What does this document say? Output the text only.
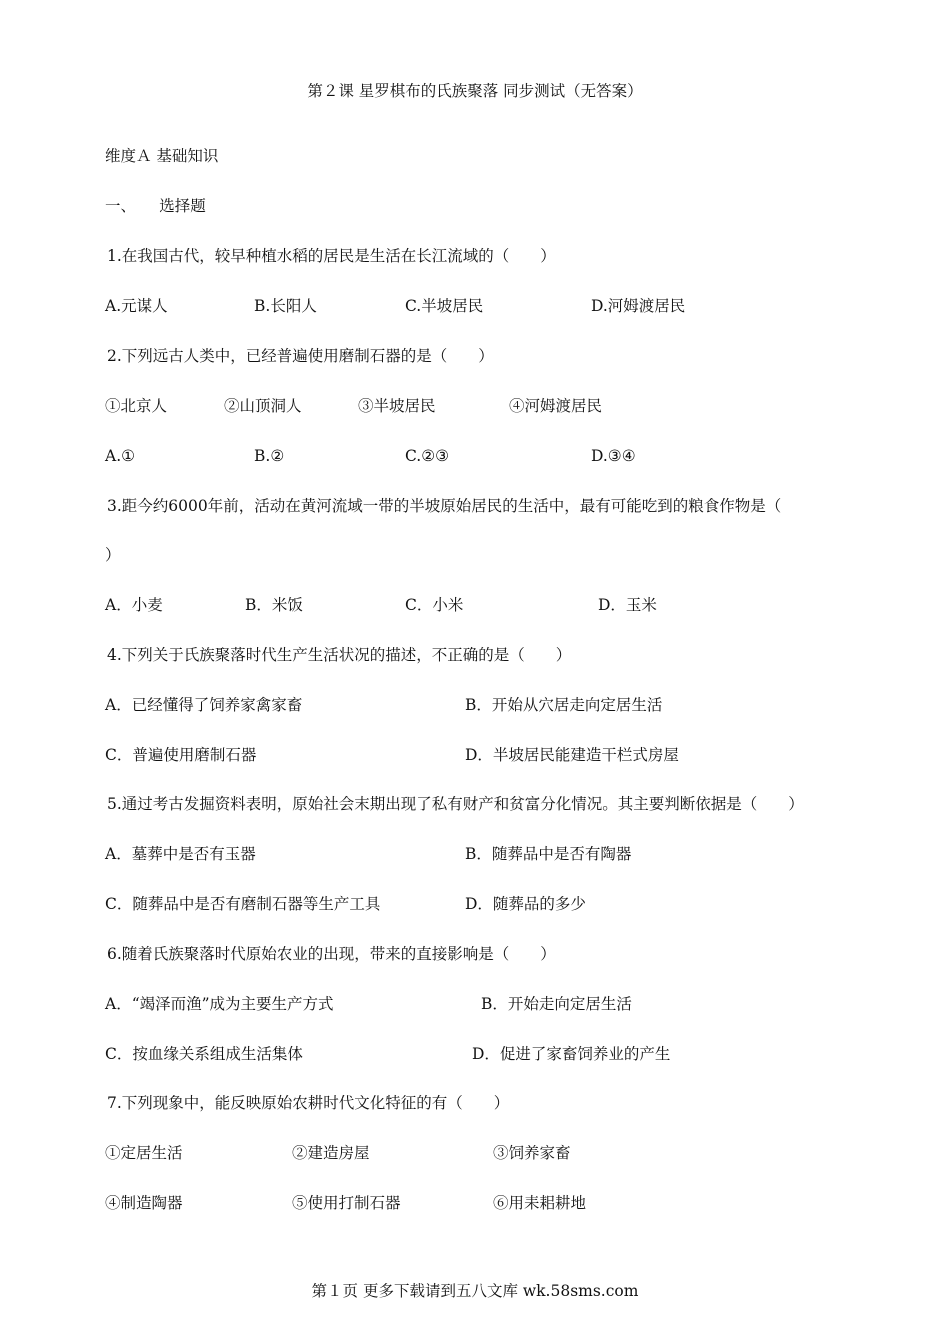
第２课 星罗棋布的氏族聚落 同步测试（无答案）
维度Ａ 基础知识
一、　　选择题
1.在我国古代，较早种植水稻的居民是生活在长江流域的（　　）
A.元谋人	B.长阳人	C.半坡居民	D.河姆渡居民
2.下列远古人类中，已经普遍使用磨制石器的是（　　）
①北京人	②山顶洞人	③半坡居民	④河姆渡居民
A.①	B.②	C.②③	D.③④
3.距今约6000年前，活动在黄河流域一带的半坡原始居民的生活中，最有可能吃到的粮食作物是（
）
A．小麦	B．米饭	C．小米	D．玉米
4.下列关于氏族聚落时代生产生活状况的描述，不正确的是（　　）
A．已经懂得了饲养家禽家畜	B．开始从穴居走向定居生活
C．普遍使用磨制石器	D．半坡居民能建造干栏式房屋
5.通过考古发掘资料表明，原始社会末期出现了私有财产和贫富分化情况。其主要判断依据是（　　）
A．墓葬中是否有玉器	B．随葬品中是否有陶器
C．随葬品中是否有磨制石器等生产工具	D．随葬品的多少
6.随着氏族聚落时代原始农业的出现，带来的直接影响是（　　）
A．“竭泽而渔”成为主要生产方式	B．开始走向定居生活
C．按血缘关系组成生活集体	D．促进了家畜饲养业的产生
7.下列现象中，能反映原始农耕时代文化特征的有（　　）
①定居生活	②建造房屋	③饲养家畜
④制造陶器	⑤使用打制石器	⑥用耒耜耕地
第１页 更多下载请到五八文库 wk.58sms.com
